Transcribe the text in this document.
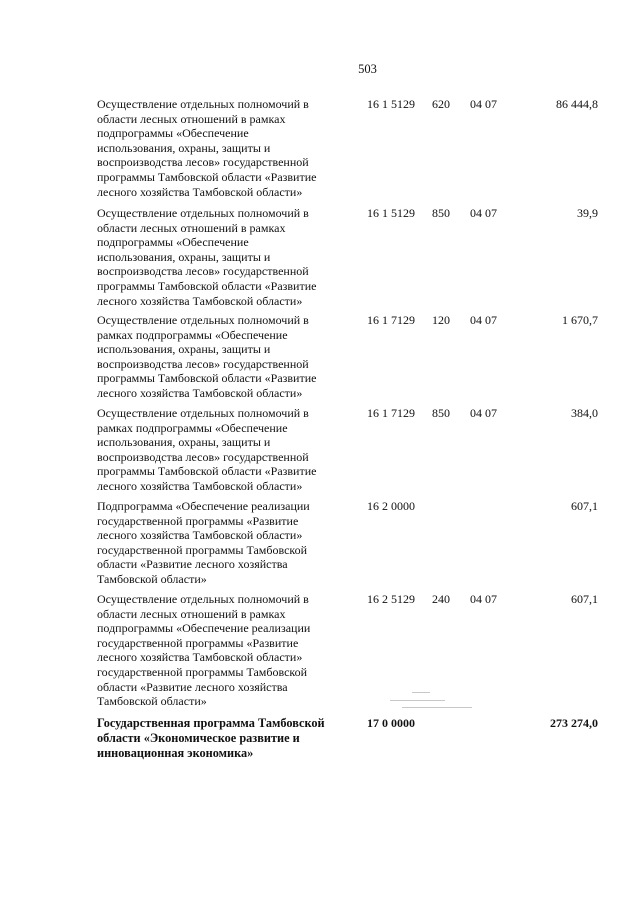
503
Осуществление отдельных полномочий в
области лесных отношений в рамках
подпрограммы «Обеспечение
использования, охраны, защиты и
воспроизводства лесов» государственной
программы Тамбовской области «Развитие
лесного хозяйства Тамбовской области»
16 1 5129 620 04 07	86 444,8
Осуществление отдельных полномочий в
области лесных отношений в рамках
подпрограммы «Обеспечение
использования, охраны, защиты и
воспроизводства лесов» государственной
программы Тамбовской области «Развитие
лесного хозяйства Тамбовской области»
16 1 5129 850 04 07	39,9
Осуществление отдельных полномочий в
рамках подпрограммы «Обеспечение
использования, охраны, защиты и
воспроизводства лесов» государственной
программы Тамбовской области «Развитие
лесного хозяйства Тамбовской области»
16 1 7129 120 04 07	1 670,7
Осуществление отдельных полномочий в
рамках подпрограммы «Обеспечение
использования, охраны, защиты и
воспроизводства лесов» государственной
программы Тамбовской области «Развитие
лесного хозяйства Тамбовской области»
16 1 7129 850 04 07	384,0
Подпрограмма «Обеспечение реализации
государственной программы «Развитие
лесного хозяйства Тамбовской области»
государственной программы Тамбовской
области «Развитие лесного хозяйства
Тамбовской области»
16 2 0000	607,1
Осуществление отдельных полномочий в
области лесных отношений в рамках
подпрограммы «Обеспечение реализации
государственной программы «Развитие
лесного хозяйства Тамбовской области»
государственной программы Тамбовской
области «Развитие лесного хозяйства
Тамбовской области»
16 2 5129 240 04 07	607,1
Государственная программа Тамбовской
области «Экономическое развитие и
инновационная экономика»
17 0 0000	273 274,0
